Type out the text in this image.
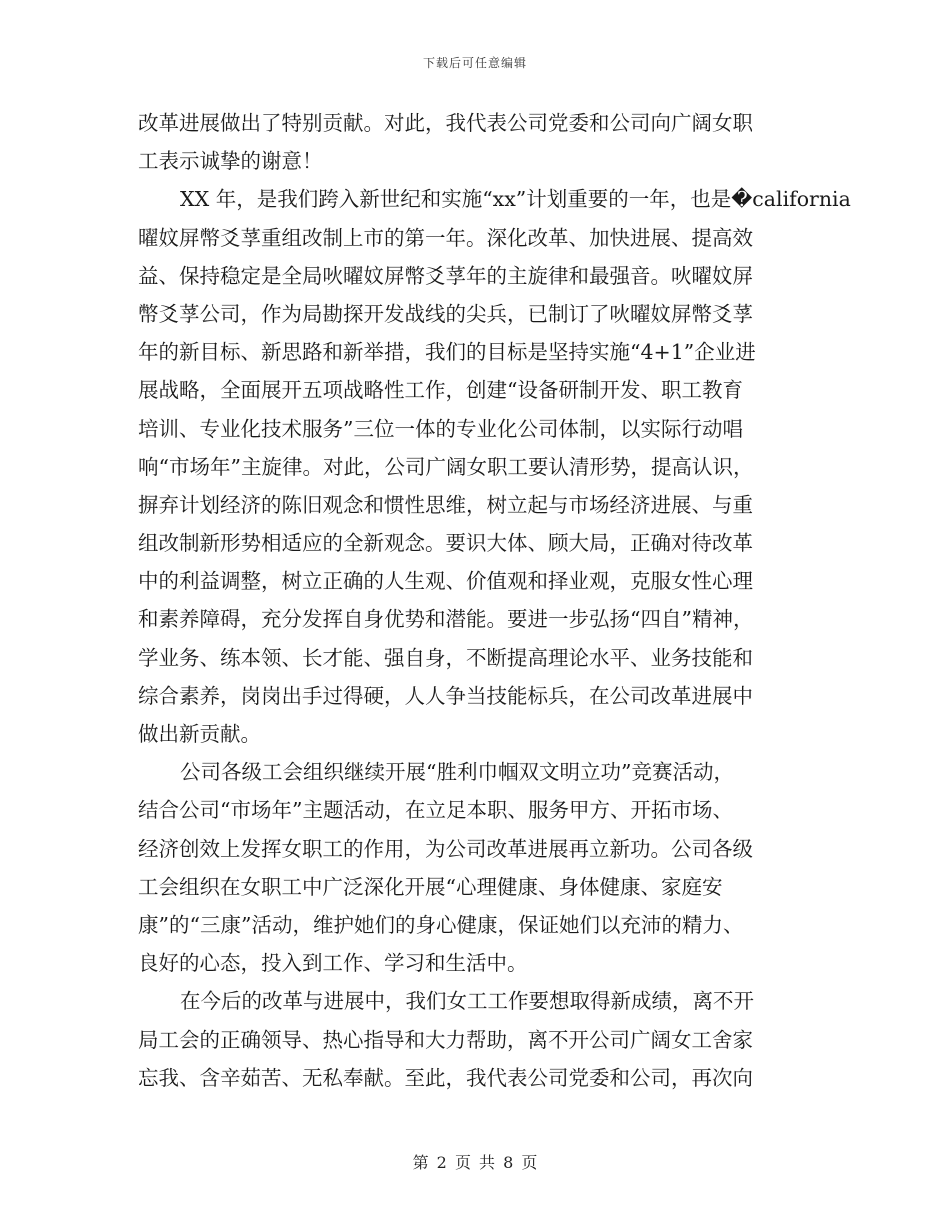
下载后可任意编辑
改革进展做出了特别贡献。对此，我代表公司党委和公司向广阔女职
工表示诚挚的谢意！
XX 年，是我们跨入新世纪和实施“xx”计划重要的一年，也是�california
曜妏屏幣爻莩重组改制上市的第一年。深化改革、加快进展、提高效
益、保持稳定是全局吙曜妏屏幣爻莩年的主旋律和最强音。吙曜妏屏
幣爻莩公司，作为局勘探开发战线的尖兵，已制订了吙曜妏屏幣爻莩
年的新目标、新思路和新举措，我们的目标是坚持实施“4+1”企业进
展战略，全面展开五项战略性工作，创建“设备研制开发、职工教育
培训、专业化技术服务”三位一体的专业化公司体制，以实际行动唱
响“市场年”主旋律。对此，公司广阔女职工要认清形势，提高认识，
摒弃计划经济的陈旧观念和惯性思维，树立起与市场经济进展、与重
组改制新形势相适应的全新观念。要识大体、顾大局，正确对待改革
中的利益调整，树立正确的人生观、价值观和择业观，克服女性心理
和素养障碍，充分发挥自身优势和潜能。要进一步弘扬“四自”精神，
学业务、练本领、长才能、强自身，不断提高理论水平、业务技能和
综合素养，岗岗出手过得硬，人人争当技能标兵，在公司改革进展中
做出新贡献。
公司各级工会组织继续开展“胜利巾帼双文明立功”竞赛活动，
结合公司“市场年”主题活动，在立足本职、服务甲方、开拓市场、
经济创效上发挥女职工的作用，为公司改革进展再立新功。公司各级
工会组织在女职工中广泛深化开展“心理健康、身体健康、家庭安
康”的“三康”活动，维护她们的身心健康，保证她们以充沛的精力、
良好的心态，投入到工作、学习和生活中。
在今后的改革与进展中，我们女工工作要想取得新成绩，离不开
局工会的正确领导、热心指导和大力帮助，离不开公司广阔女工舍家
忘我、含辛茹苦、无私奉献。至此，我代表公司党委和公司，再次向
第 2 页 共 8 页
